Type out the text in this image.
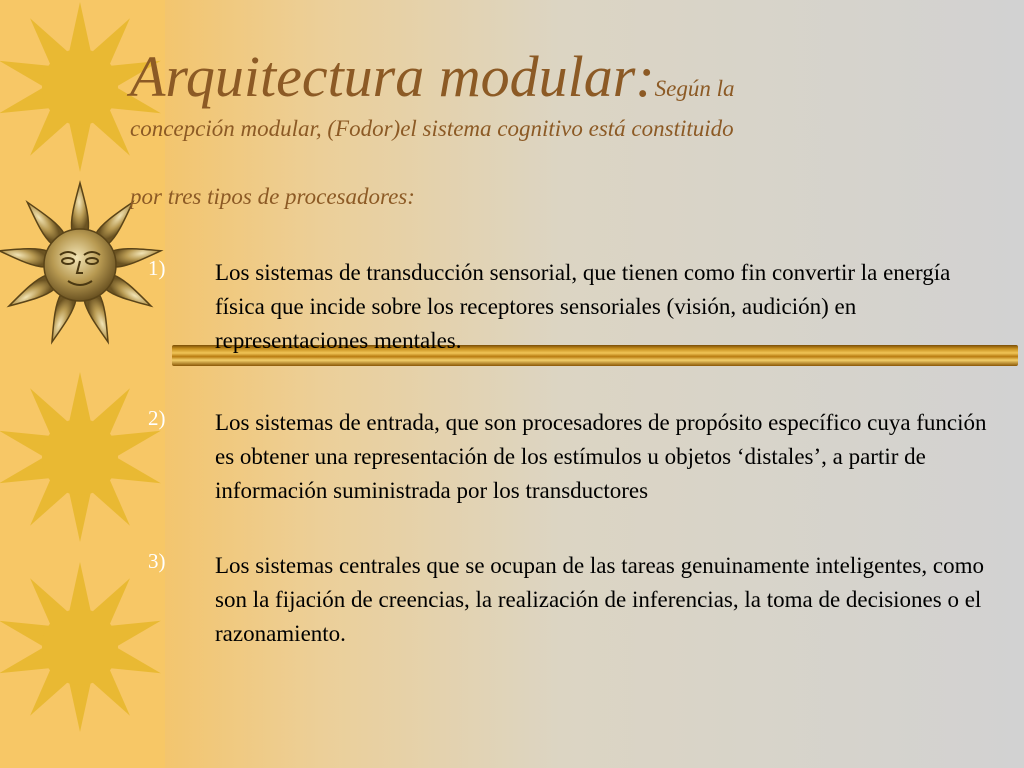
Arquitectura modular:Según la
concepción modular, (Fodor)el sistema cognitivo está constituido
por tres tipos de procesadores:
1) Los sistemas de transducción sensorial, que tienen como fin convertir la energía física que incide sobre los receptores sensoriales (visión, audición) en representaciones mentales.
2) Los sistemas de entrada, que son procesadores de propósito específico cuya función es obtener una representación de los estímulos u objetos ‘distales’, a partir de información suministrada por los transductores
3) Los sistemas centrales que se ocupan de las tareas genuinamente inteligentes, como son la fijación de creencias, la realización de inferencias, la toma de decisiones o el razonamiento.
